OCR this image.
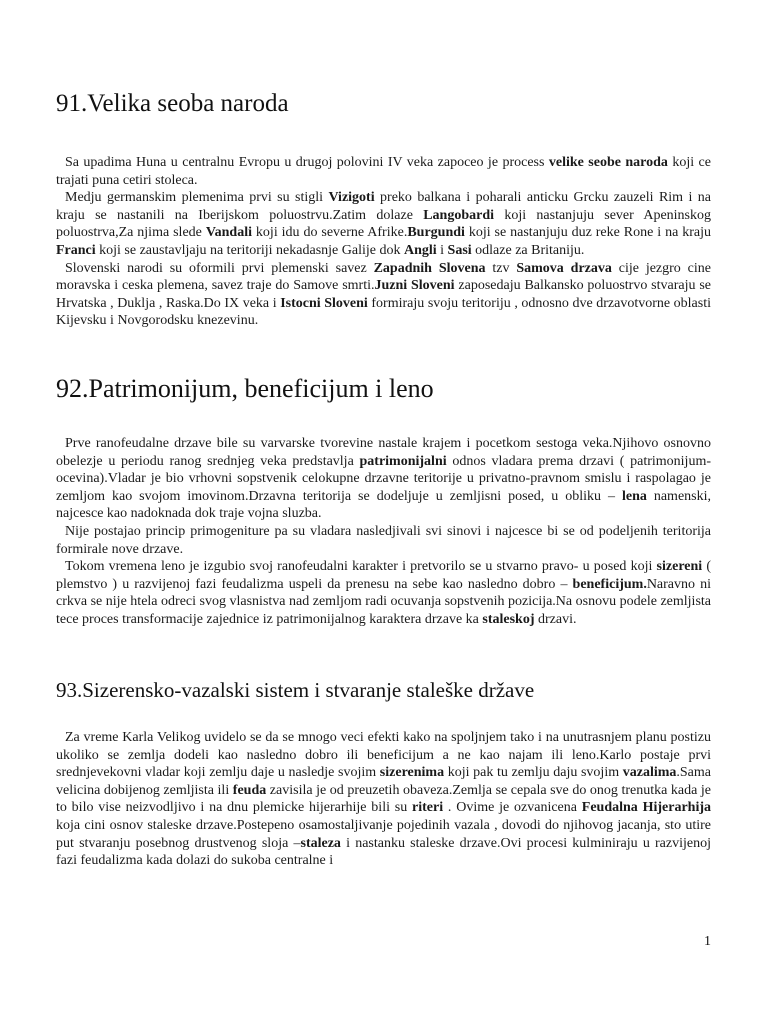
91.Velika seoba naroda

Sa upadima Huna u centralnu Evropu u drugoj polovini IV veka zapoceo je process velike seobe naroda koji ce trajati puna cetiri stoleca.

Medju germanskim plemenima prvi su stigli Vizigoti preko balkana i poharali anticku Grcku zauzeli Rim i na kraju se nastanili na Iberijskom poluostrvu.Zatim dolaze Langobardi koji nastanjuju sever Apeninskog poluostrva,Za njima slede Vandali koji idu do severne Afrike.Burgundi koji se nastanjuju duz reke Rone i na kraju Franci koji se zaustavljaju na teritoriji nekadasnje Galije dok Angli i Sasi odlaze za Britaniju.

Slovenski narodi su oformili prvi plemenski savez Zapadnih Slovena tzv Samova drzava cije jezgro cine moravska i ceska plemena, savez traje do Samove smrti.Juzni Sloveni zaposedaju Balkansko poluostrvo stvaraju se Hrvatska , Duklja , Raska.Do IX veka i Istocni Sloveni formiraju svoju teritoriju , odnosno dve drzavotvorne oblasti Kijevsku i Novgorodsku knezevinu.

92.Patrimonijum, beneficijum i leno

Prve ranofeudalne drzave bile su varvarske tvorevine nastale krajem i pocetkom sestoga veka.Njihovo osnovno obelezje u periodu ranog srednjeg veka predstavlja patrimonijalni odnos vladara prema drzavi ( patrimonijum-ocevina).Vladar je bio vrhovni sopstvenik celokupne drzavne teritorije u privatno-pravnom smislu i raspolagao je zemljom kao svojom imovinom.Drzavna teritorija se dodeljuje u zemljisni posed, u obliku – lena namenski, najcesce kao nadoknada dok traje vojna sluzba.

Nije postajao princip primogeniture pa su vladara nasledjivali svi sinovi i najcesce bi se od podeljenih teritorija formirale nove drzave.

Tokom vremena leno je izgubio svoj ranofeudalni karakter i pretvorilo se u stvarno pravo- u posed koji sizereni ( plemstvo ) u razvijenoj fazi feudalizma uspeli da prenesu na sebe kao nasledno dobro – beneficijum.Naravno ni crkva se nije htela odreci svog vlasnistva nad zemljom radi ocuvanja sopstvenih pozicija.Na osnovu podele zemljista tece proces transformacije zajednice iz patrimonijalnog karaktera drzave ka staleskoj drzavi.

93.Sizerensko-vazalski sistem i stvaranje staleške države

Za vreme Karla Velikog uvidelo se da se mnogo veci efekti kako na spoljnjem tako i na unutrasnjem planu postizu ukoliko se zemlja dodeli kao nasledno dobro ili beneficijum a ne kao najam ili leno.Karlo postaje prvi srednjevekovni vladar koji zemlju daje u nasledje svojim sizerenima koji pak tu zemlju daju svojim vazalima.Sama velicina dobijenog zemljista ili feuda zavisila je od preuzetih obaveza.Zemlja se cepala sve do onog trenutka kada je to bilo vise neizvodljivo i na dnu plemicke hijerarhije bili su riteri . Ovime je ozvanicena Feudalna Hijerarhija koja cini osnov staleske drzave.Postepeno osamostaljivanje pojedinih vazala , dovodi do njihovog jacanja, sto utire put stvaranju posebnog drustvenog sloja –staleza i nastanku staleske drzave.Ovi procesi kulminiraju u razvijenoj fazi feudalizma kada dolazi do sukoba centralne i

1
